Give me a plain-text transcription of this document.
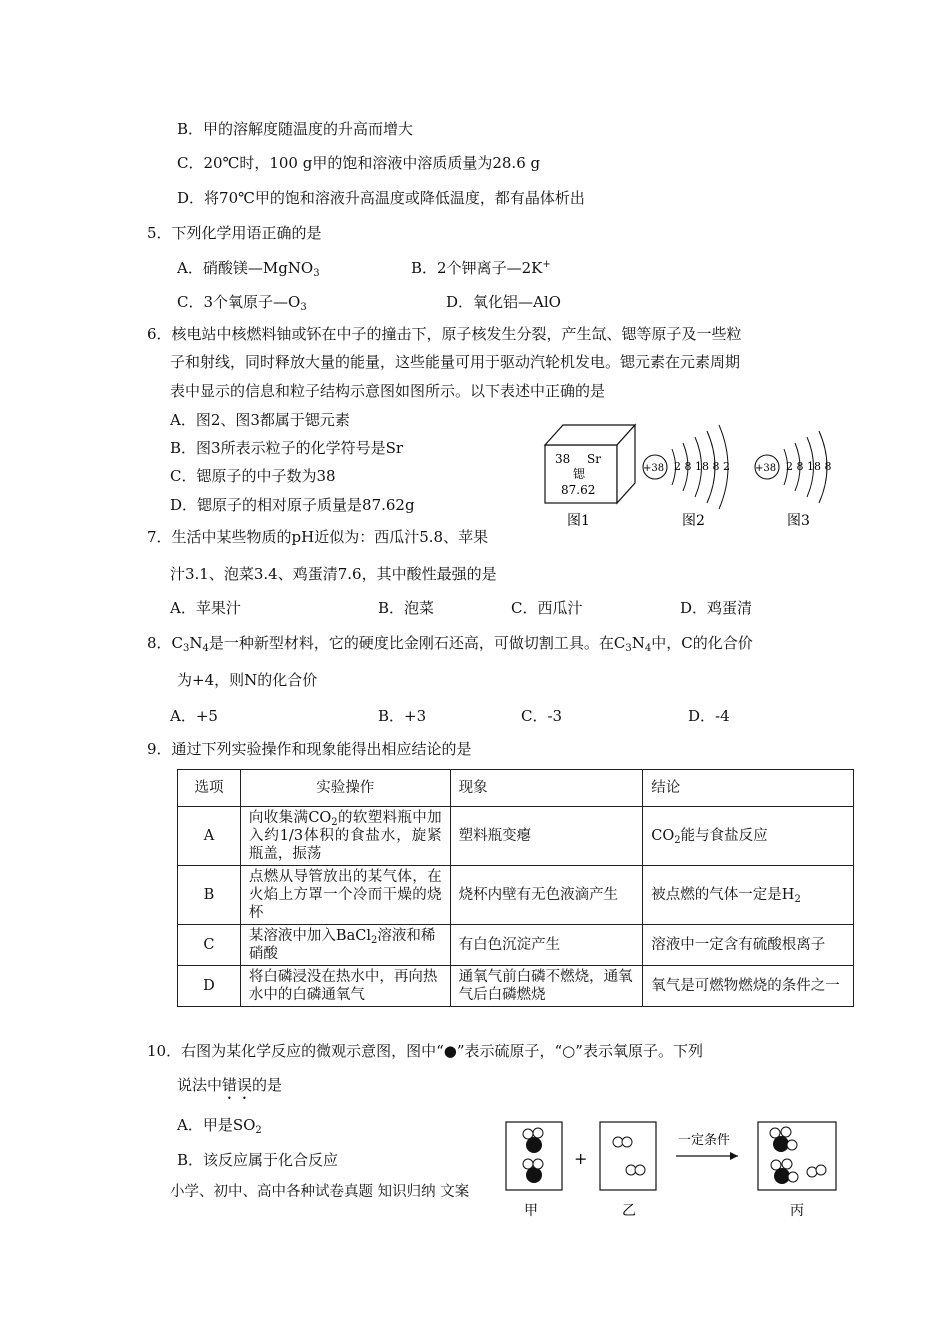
B．甲的溶解度随温度的升高而增大
C．20℃时，100 g甲的饱和溶液中溶质质量为28.6 g
D．将70℃甲的饱和溶液升高温度或降低温度，都有晶体析出
5．下列化学用语正确的是
A．硝酸镁—MgNO$_3$	B．2个钾离子—2K+
C．3个氧原子$—O_3$	D．氧化铝—AlO
6．核电站中核燃料铀或钚在中子的撞击下，原子核发生分裂，产生氙、锶等原子及一些粒
子和射线，同时释放大量的能量，这些能量可用于驱动汽轮机发电。锶元素在元素周期
表中显示的信息和粒子结构示意图如图所示。以下表述中正确的是
A．图2、图3都属于锶元素
B．图3所表示粒子的化学符号是Sr
C．锶原子的中子数为38
D．锶原子的相对原子质量是87.62g
38 Sr
锶
87.62
图1
+38 2 8 18 8 2
图2
+38 2 8 18 8
图3
7．生活中某些物质的pH近似为：西瓜汁5.8、苹果
汁3.1、泡菜3.4、鸡蛋清7.6，其中酸性最强的是
A．苹果汁	B．泡菜	C．西瓜汁	D．鸡蛋清
8．$C_3N_4$是一种新型材料，它的硬度比金刚石还高，可做切割工具。在$C_3N_4$中，C的化合价
为+4，则N的化合价
A．+5	B．+3	C．-3	D．-4
9．通过下列实验操作和现象能得出相应结论的是
选项	实验操作	现象	结论
A	向收集满$CO_2$的软塑料瓶中加入约1/3体积的食盐水，旋紧瓶盖，振荡	塑料瓶变瘪	$CO_2$能与食盐反应
B	点燃从导管放出的某气体，在火焰上方罩一个冷而干燥的烧杯	烧杯内壁有无色液滴产生	被点燃的气体一定是$H_2$
C	某溶液中加入BaCl$_2$溶液和稀硝酸	有白色沉淀产生	溶液中一定含有硫酸根离子
D	将白磷浸没在热水中，再向热水中的白磷通氧气	通氧气前白磷不燃烧，通氧气后白磷燃烧	氧气是可燃物燃烧的条件之一
10．右图为某化学反应的微观示意图，图中“●”表示硫原子，“○”表示氧原子。下列
说法中错误的是
A．甲是$SO_2$
B．该反应属于化合反应	+
一定条件
甲	乙	丙
小学、初中、高中各种试卷真题 知识归纳 文案
